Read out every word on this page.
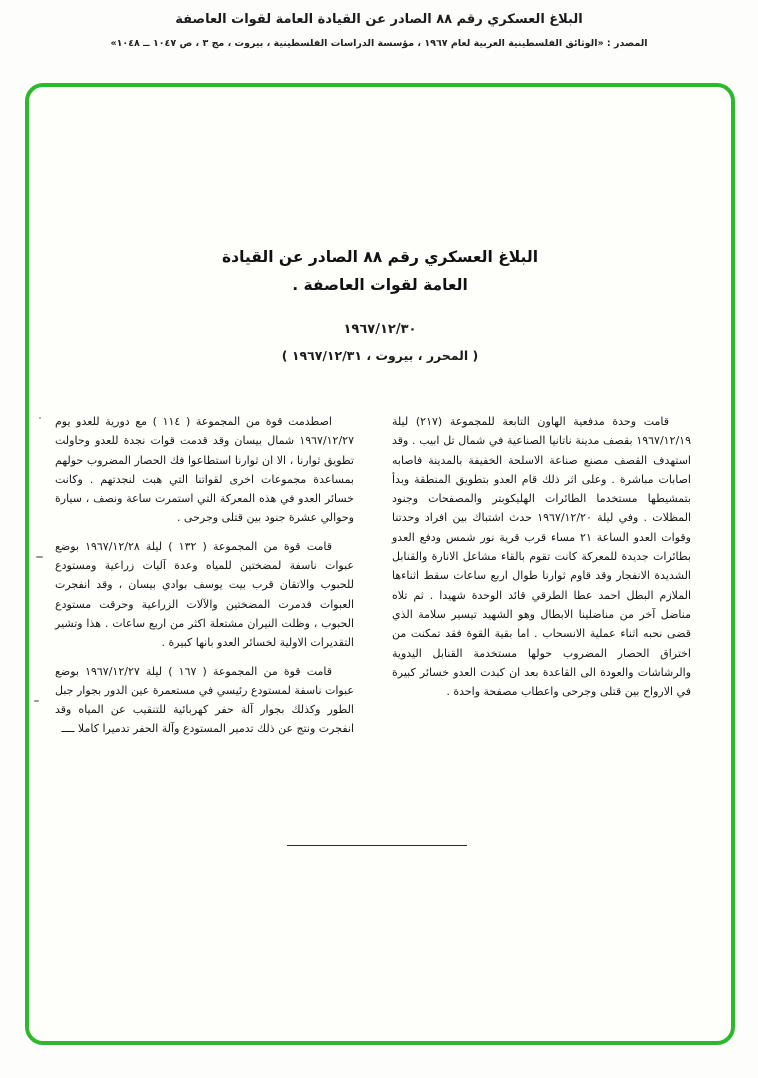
البلاغ العسكري رقم ٨٨ الصادر عن القيادة العامة لقوات العاصفة
المصدر : «الوثائق الفلسطينية العربية لعام ١٩٦٧ ، مؤسسة الدراسات الفلسطينية ، بيروت ، مج ٣ ، ص ١٠٤٧ ــ ١٠٤٨»
البلاغ العسكري رقم ٨٨ الصادر عن القيادة
العامة لقوات العاصفة .
١٩٦٧/١٢/٣٠
( المحرر ، بيروت ، ١٩٦٧/١٢/٣١ )

قامت وحدة مدفعية الهاون التابعة للمجموعة (٢١٧) ليلة ١٩٦٧/١٢/١٩ بقصف مدينة ناتانيا الصناعية في شمال تل ابيب . وقد استهدف القصف مصنع صناعة الاسلحة الخفيفة بالمدينة فاصابه اصابات مباشرة . وعلى اثر ذلك قام العدو بتطويق المنطقة وبدأ بتمشيطها مستخدما الطائرات الهليكوبتر والمصفحات وجنود المظلات . وفي ليلة ١٩٦٧/١٢/٢٠ حدث اشتباك بين افراد وحدتنا وقوات العدو الساعة ٢١ مساء قرب قرية نور شمس ودفع العدو بطائرات جديدة للمعركة كانت تقوم بالقاء مشاعل الانارة والقنابل الشديدة الانفجار وقد قاوم ثوارنا طوال اربع ساعات سقط اثناءها الملازم البطل احمد عطا الطرقي قائد الوحدة شهيدا . ثم تلاه مناضل آخر من مناضلينا الابطال وهو الشهيد تيسير سلامة الذي قضى نحبه اثناء عملية الانسحاب . اما بقية القوة فقد تمكنت من اختراق الحصار المضروب حولها مستخدمة القنابل اليدوية والرشاشات والعودة الى القاعدة بعد ان كبدت العدو خسائر كبيرة في الارواح بين قتلى وجرحى واعطاب مصفحة واحدة .

اصطدمت قوة من المجموعة ( ١١٤ ) مع دورية للعدو يوم ١٩٦٧/١٢/٢٧ شمال بيسان وقد قدمت قوات نجدة للعدو وحاولت تطويق ثوارنا ، الا ان ثوارنا استطاعوا فك الحصار المضروب حولهم بمساعدة مجموعات اخرى لقواتنا التي هبت لنجدتهم . وكانت خسائر العدو في هذه المعركة التي استمرت ساعة ونصف ، سيارة وحوالي عشرة جنود بين قتلى وجرحى .

قامت قوة من المجموعة ( ١٣٢ ) ليلة ١٩٦٧/١٢/٢٨ بوضع عبوات ناسفة لمضختين للمياه وعدة آليات زراعية ومستودع للحبوب والاتقان قرب بيت يوسف بوادي بيسان ، وقد انفجرت العبوات فدمرت المضختين والآلات الزراعية وحرقت مستودع الحبوب ، وظلت النيران مشتعلة اكثر من اربع ساعات . هذا وتشير التقديرات الاولية لخسائر العدو بانها كبيرة .

قامت قوة من المجموعة ( ١٦٧ ) ليلة ١٩٦٧/١٢/٢٧ بوضع عبوات ناسفة لمستودع رئيسي في مستعمرة عين الدور بجوار جبل الطور وكذلك بجوار آلة حفر كهربائية للتنقيب عن المياه وقد انفجرت ونتج عن ذلك تدمير المستودع وآلة الحفر تدميرا كاملا ــــ
